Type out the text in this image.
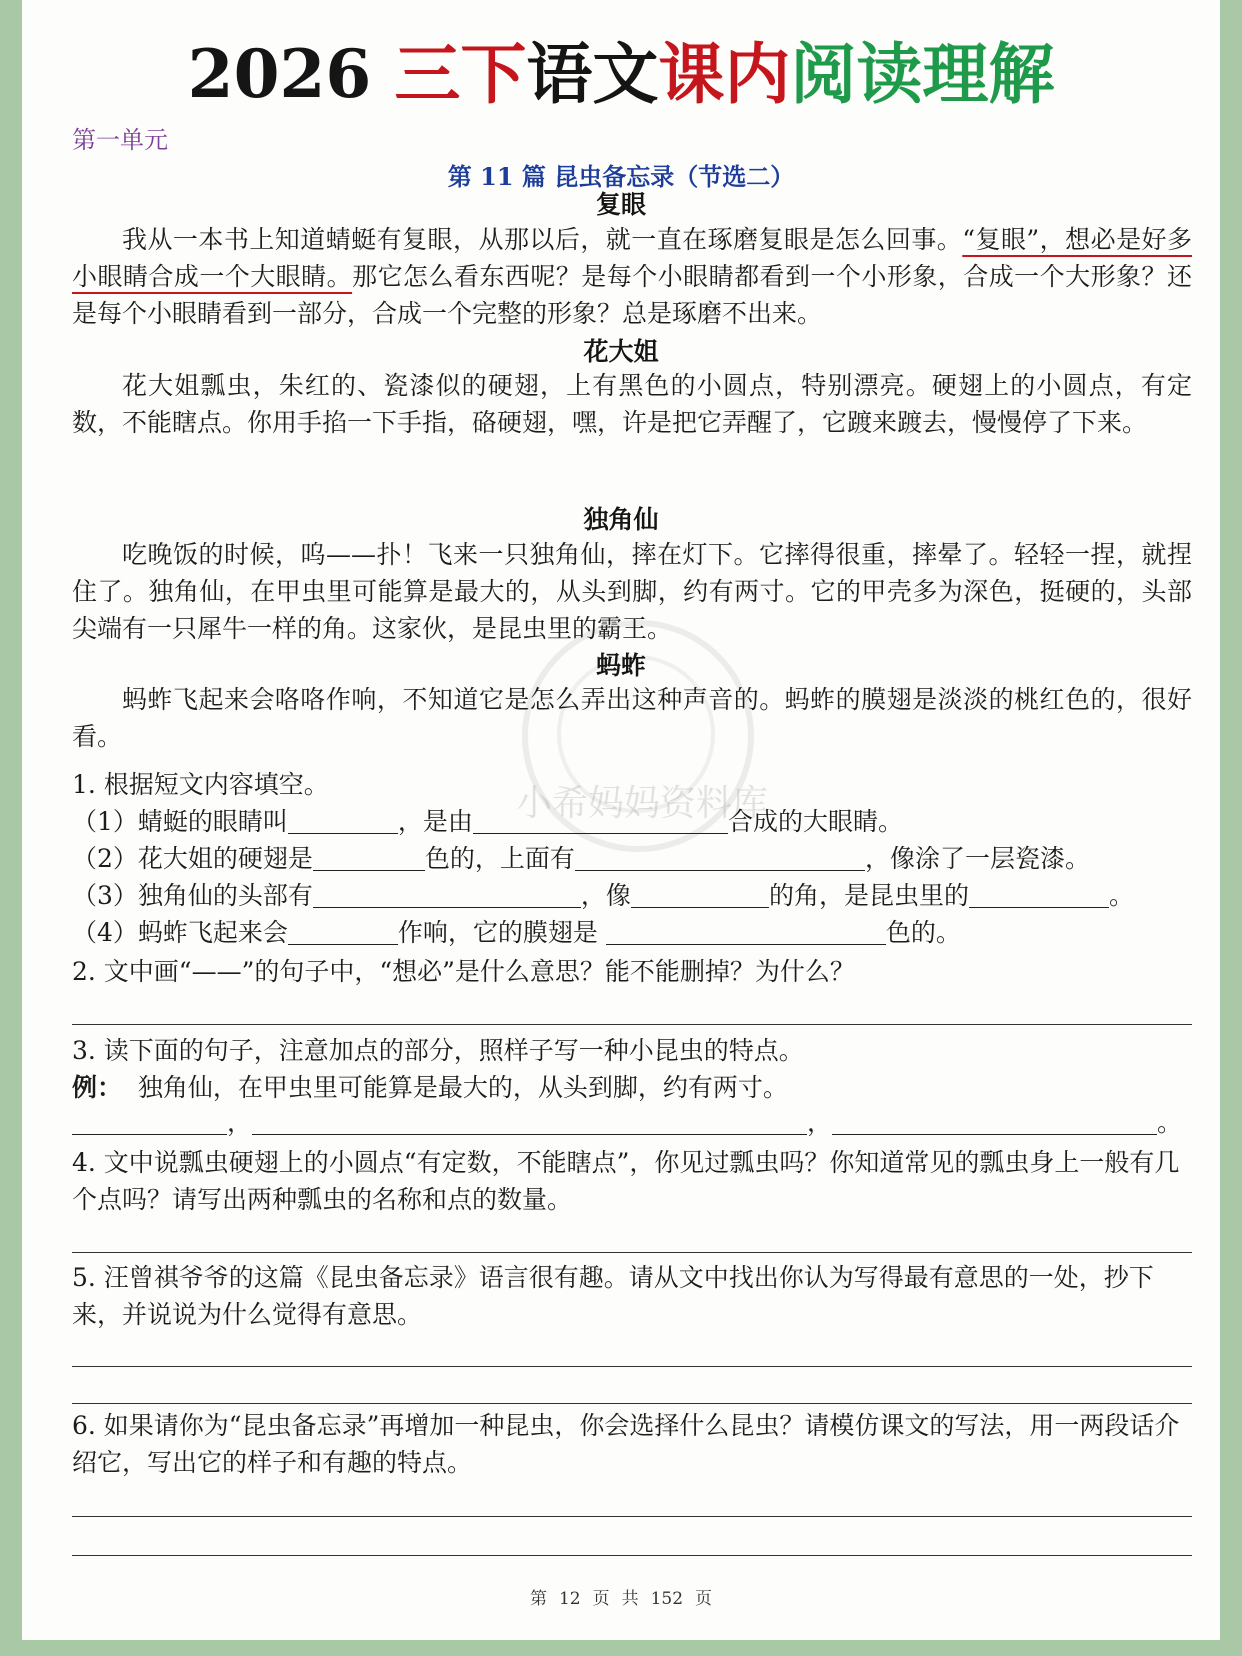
小希妈妈资料库
2026 三下语文课内阅读理解
第一单元
第 11 篇 昆虫备忘录（节选二）
复眼
我从一本书上知道蜻蜓有复眼，从那以后，就一直在琢磨复眼是怎么回事。“复眼”，想必是好多小眼睛合成一个大眼睛。那它怎么看东西呢？是每个小眼睛都看到一个小形象，合成一个大形象？还是每个小眼睛看到一部分，合成一个完整的形象？总是琢磨不出来。
花大姐
花大姐瓢虫，朱红的、瓷漆似的硬翅，上有黑色的小圆点，特别漂亮。硬翅上的小圆点，有定数，不能瞎点。你用手掐一下手指，硌硬翅，嘿，许是把它弄醒了，它踱来踱去，慢慢停了下来。
独角仙
吃晚饭的时候，呜——扑！飞来一只独角仙，摔在灯下。它摔得很重，摔晕了。轻轻一捏，就捏住了。独角仙，在甲虫里可能算是最大的，从头到脚，约有两寸。它的甲壳多为深色，挺硬的，头部尖端有一只犀牛一样的角。这家伙，是昆虫里的霸王。
蚂蚱
蚂蚱飞起来会咯咯作响，不知道它是怎么弄出这种声音的。蚂蚱的膜翅是淡淡的桃红色的，很好看。
1. 根据短文内容填空。
（1）蜻蜓的眼睛叫	，是由	合成的大眼睛。
（2）花大姐的硬翅是	色的，上面有	，像涂了一层瓷漆。
（3）独角仙的头部有	，像	的角，是昆虫里的	。
（4）蚂蚱飞起来会	作响，它的膜翅是	色的。
2. 文中画“——”的句子中，“想必”是什么意思？能不能删掉？为什么？
3. 读下面的句子，注意加点的部分，照样子写一种小昆虫的特点。
例： 独角仙，在甲虫里可能算是最大的，从头到脚，约有两寸。
，	，	。
4. 文中说瓢虫硬翅上的小圆点“有定数，不能瞎点”，你见过瓢虫吗？你知道常见的瓢虫身上一般有几个点吗？请写出两种瓢虫的名称和点的数量。
5. 汪曾祺爷爷的这篇《昆虫备忘录》语言很有趣。请从文中找出你认为写得最有意思的一处，抄下来，并说说为什么觉得有意思。
6. 如果请你为“昆虫备忘录”再增加一种昆虫，你会选择什么昆虫？请模仿课文的写法，用一两段话介绍它，写出它的样子和有趣的特点。
第 12 页 共 152 页
